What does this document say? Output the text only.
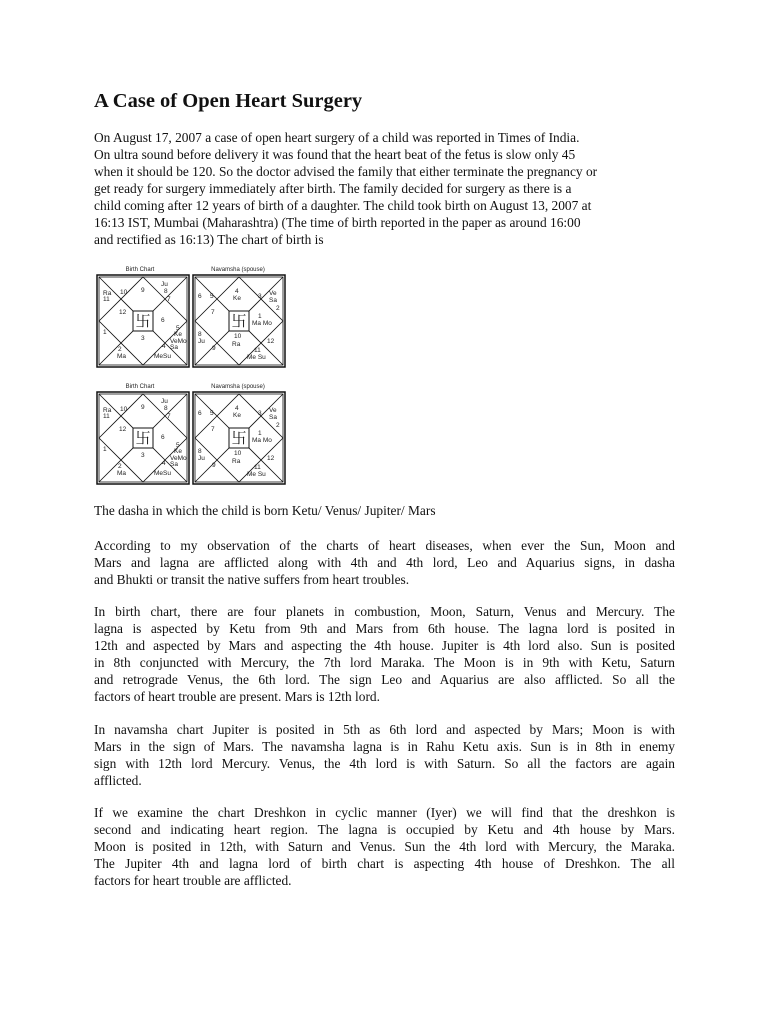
A Case of Open Heart Surgery

On August 17, 2007 a case of open heart surgery of a child was reported in Times of India.
On ultra sound before delivery it was found that the heart beat of the fetus is slow only 45
when it should be 120. So the doctor advised the family that either terminate the pregnancy or
get ready for surgery immediately after birth. The family decided for surgery as there is a
child coming after 12 years of birth of a daughter. The child took birth on August 13, 2007 at
16:13 IST, Mumbai (Maharashtra) (The time of birth reported in the paper as around 16:00
and rectified as 16:13) The chart of birth is

Birth Chart	Navamsha (spouse)
卐
Ra
11
10 9
Ju
8
7
12
6
1
3
5
Ke
VeMo
4 Sa
2
Ma	MeSu
卐
6 5
4
Ke	3 Ve
Sa
2
7
1
Ma Mo
8
Ju
9
10
Ra	12
11
Me Su
Birth Chart	Navamsha (spouse)
卐
Ra
11
10 9
Ju
8
7
12
6
1
3
5
Ke
VeMo
4 Sa
2
Ma	MeSu
卐
6 5
4
Ke	3 Ve
Sa
2
7
1
Ma Mo
8
Ju
9
10
Ra	12
11
Me Su

The dasha in which the child is born Ketu/ Venus/ Jupiter/ Mars

According to my observation of the charts of heart diseases, when ever the Sun, Moon and
Mars and lagna are afflicted along with 4th and 4th lord, Leo and Aquarius signs, in dasha
and Bhukti or transit the native suffers from heart troubles.

In birth chart, there are four planets in combustion, Moon, Saturn, Venus and Mercury. The
lagna is aspected by Ketu from 9th and Mars from 6th house. The lagna lord is posited in
12th and aspected by Mars and aspecting the 4th house. Jupiter is 4th lord also. Sun is posited
in 8th conjuncted with Mercury, the 7th lord Maraka. The Moon is in 9th with Ketu, Saturn
and retrograde Venus, the 6th lord. The sign Leo and Aquarius are also afflicted. So all the
factors of heart trouble are present. Mars is 12th lord.

In navamsha chart Jupiter is posited in 5th as 6th lord and aspected by Mars; Moon is with
Mars in the sign of Mars. The navamsha lagna is in Rahu Ketu axis. Sun is in 8th in enemy
sign with 12th lord Mercury. Venus, the 4th lord is with Saturn. So all the factors are again
afflicted.

If we examine the chart Dreshkon in cyclic manner (Iyer) we will find that the dreshkon is
second and indicating heart region. The lagna is occupied by Ketu and 4th house by Mars.
Moon is posited in 12th, with Saturn and Venus. Sun the 4th lord with Mercury, the Maraka.
The Jupiter 4th and lagna lord of birth chart is aspecting 4th house of Dreshkon. The all
factors for heart trouble are afflicted.
